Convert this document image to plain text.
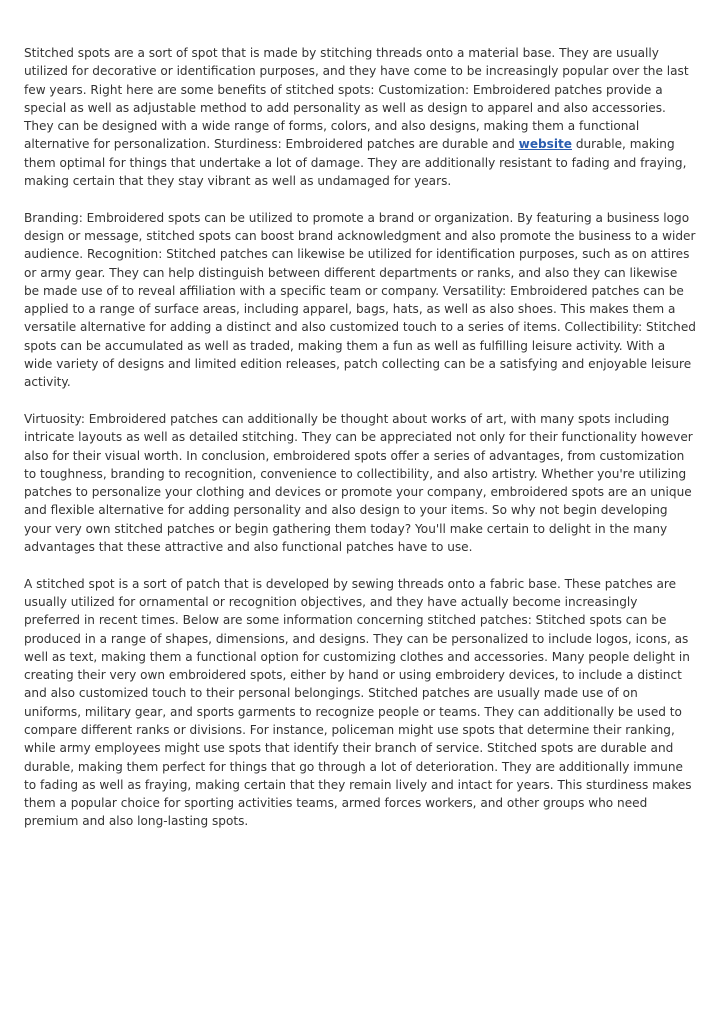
Stitched spots are a sort of spot that is made by stitching threads onto a material base. They are usually utilized for decorative or identification purposes, and they have come to be increasingly popular over the last few years. Right here are some benefits of stitched spots: Customization: Embroidered patches provide a special as well as adjustable method to add personality as well as design to apparel and also accessories. They can be designed with a wide range of forms, colors, and also designs, making them a functional alternative for personalization. Sturdiness: Embroidered patches are durable and website durable, making them optimal for things that undertake a lot of damage. They are additionally resistant to fading and fraying, making certain that they stay vibrant as well as undamaged for years.

Branding: Embroidered spots can be utilized to promote a brand or organization. By featuring a business logo design or message, stitched spots can boost brand acknowledgment and also promote the business to a wider audience. Recognition: Stitched patches can likewise be utilized for identification purposes, such as on attires or army gear. They can help distinguish between different departments or ranks, and also they can likewise be made use of to reveal affiliation with a specific team or company. Versatility: Embroidered patches can be applied to a range of surface areas, including apparel, bags, hats, as well as also shoes. This makes them a versatile alternative for adding a distinct and also customized touch to a series of items. Collectibility: Stitched spots can be accumulated as well as traded, making them a fun as well as fulfilling leisure activity. With a wide variety of designs and limited edition releases, patch collecting can be a satisfying and enjoyable leisure activity.

Virtuosity: Embroidered patches can additionally be thought about works of art, with many spots including intricate layouts as well as detailed stitching. They can be appreciated not only for their functionality however also for their visual worth. In conclusion, embroidered spots offer a series of advantages, from customization to toughness, branding to recognition, convenience to collectibility, and also artistry. Whether you're utilizing patches to personalize your clothing and devices or promote your company, embroidered spots are an unique and flexible alternative for adding personality and also design to your items. So why not begin developing your very own stitched patches or begin gathering them today? You'll make certain to delight in the many advantages that these attractive and also functional patches have to use.

A stitched spot is a sort of patch that is developed by sewing threads onto a fabric base. These patches are usually utilized for ornamental or recognition objectives, and they have actually become increasingly preferred in recent times. Below are some information concerning stitched patches: Stitched spots can be produced in a range of shapes, dimensions, and designs. They can be personalized to include logos, icons, as well as text, making them a functional option for customizing clothes and accessories. Many people delight in creating their very own embroidered spots, either by hand or using embroidery devices, to include a distinct and also customized touch to their personal belongings. Stitched patches are usually made use of on uniforms, military gear, and sports garments to recognize people or teams. They can additionally be used to compare different ranks or divisions. For instance, policeman might use spots that determine their ranking, while army employees might use spots that identify their branch of service. Stitched spots are durable and durable, making them perfect for things that go through a lot of deterioration. They are additionally immune to fading as well as fraying, making certain that they remain lively and intact for years. This sturdiness makes them a popular choice for sporting activities teams, armed forces workers, and other groups who need premium and also long-lasting spots.
